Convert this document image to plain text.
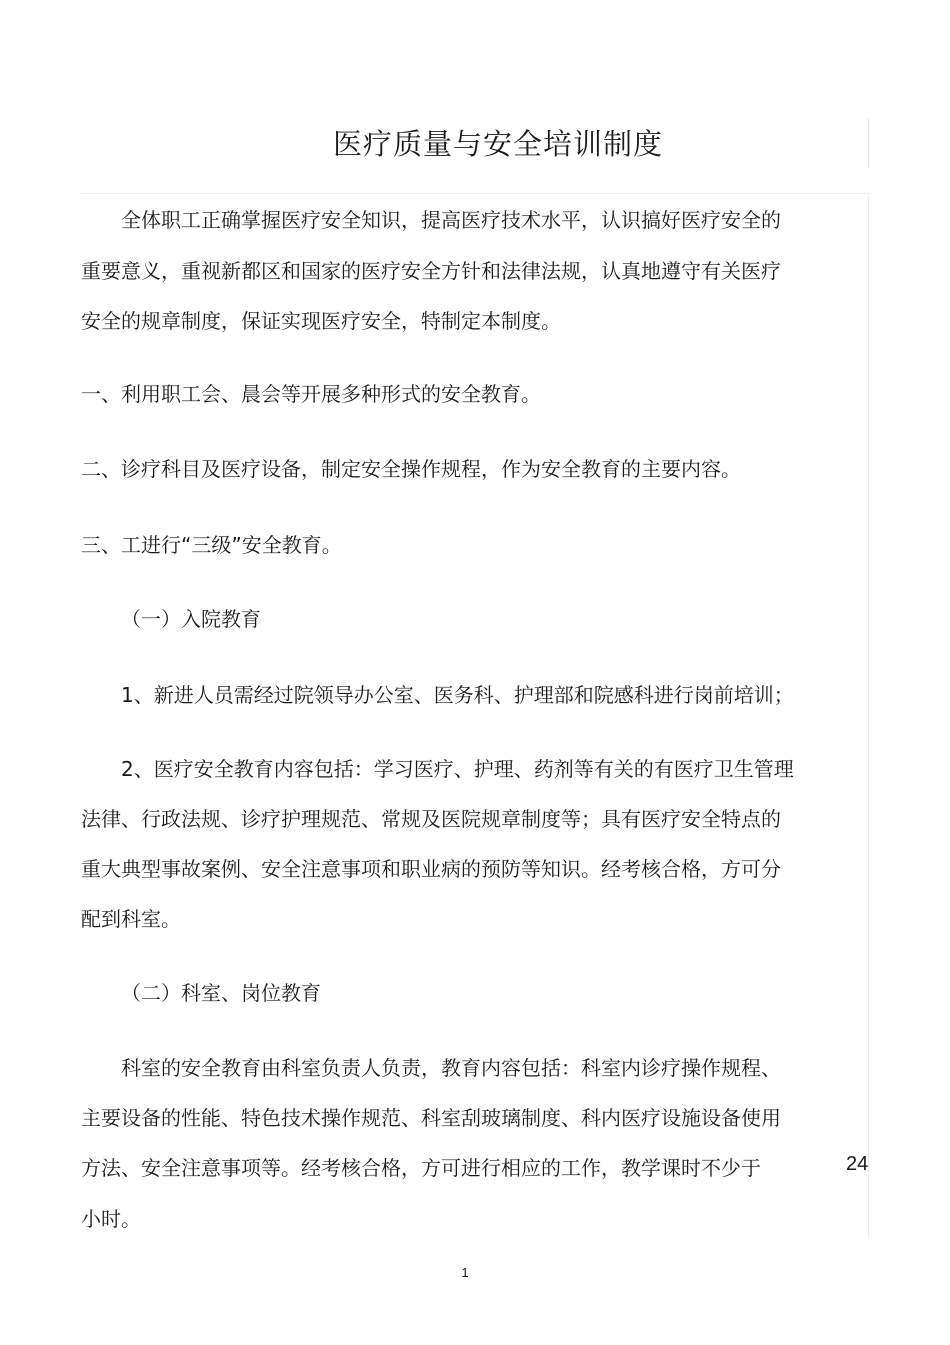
医疗质量与安全培训制度
全体职工正确掌握医疗安全知识，提高医疗技术水平，认识搞好医疗安全的
重要意义，重视新都区和国家的医疗安全方针和法律法规，认真地遵守有关医疗
安全的规章制度，保证实现医疗安全，特制定本制度。
一、利用职工会、晨会等开展多种形式的安全教育。
二、诊疗科目及医疗设备，制定安全操作规程，作为安全教育的主要内容。
三、工进行“三级”安全教育。
（一）入院教育
1、新进人员需经过院领导办公室、医务科、护理部和院感科进行岗前培训；
2、医疗安全教育内容包括：学习医疗、护理、药剂等有关的有医疗卫生管理
法律、行政法规、诊疗护理规范、常规及医院规章制度等；具有医疗安全特点的
重大典型事故案例、安全注意事项和职业病的预防等知识。经考核合格，方可分
配到科室。
（二）科室、岗位教育
科室的安全教育由科室负责人负责，教育内容包括：科室内诊疗操作规程、
主要设备的性能、特色技术操作规范、科室刮玻璃制度、科内医疗设施设备使用
方法、安全注意事项等。经考核合格，方可进行相应的工作，教学课时不少于	24
小时。
1
